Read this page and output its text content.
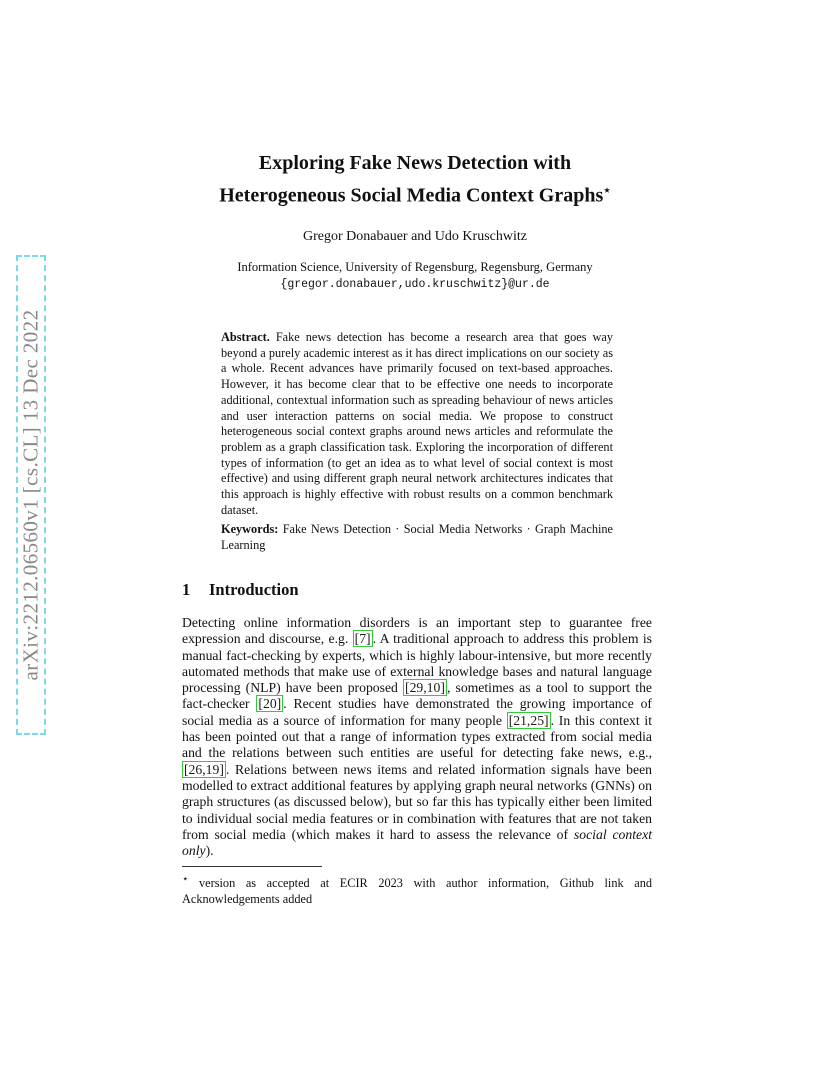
arXiv:2212.06560v1 [cs.CL] 13 Dec 2022
Exploring Fake News Detection with
Heterogeneous Social Media Context Graphs⋆
Gregor Donabauer and Udo Kruschwitz
Information Science, University of Regensburg, Regensburg, Germany
{gregor.donabauer,udo.kruschwitz}@ur.de
Abstract. Fake news detection has become a research area that goes way beyond a purely academic interest as it has direct implications on our society as a whole. Recent advances have primarily focused on text-based approaches. However, it has become clear that to be effective one needs to incorporate additional, contextual information such as spreading behaviour of news articles and user interaction patterns on social media. We propose to construct heterogeneous social context graphs around news articles and reformulate the problem as a graph classification task. Exploring the incorporation of different types of information (to get an idea as to what level of social context is most effective) and using different graph neural network architectures indicates that this approach is highly effective with robust results on a common benchmark dataset.
Keywords: Fake News Detection · Social Media Networks · Graph Machine Learning
1 Introduction
Detecting online information disorders is an important step to guarantee free expression and discourse, e.g. [7] . A traditional approach to address this problem is manual fact-checking by experts, which is highly labour-intensive, but more recently automated methods that make use of external knowledge bases and natural language processing (NLP) have been proposed [29,10] , sometimes as a tool to support the fact-checker [20] . Recent studies have demonstrated the growing importance of social media as a source of information for many people [21,25] . In this context it has been pointed out that a range of information types extracted from social media and the relations between such entities are useful for detecting fake news, e.g., [26,19] . Relations between news items and related information signals have been modelled to extract additional features by applying graph neural networks (GNNs) on graph structures (as discussed below), but so far this has typically either been limited to individual social media features or in combination with features that are not taken from social media (which makes it hard to assess the relevance of social context only).
⋆ version as accepted at ECIR 2023 with author information, Github link and Acknowledgements added
